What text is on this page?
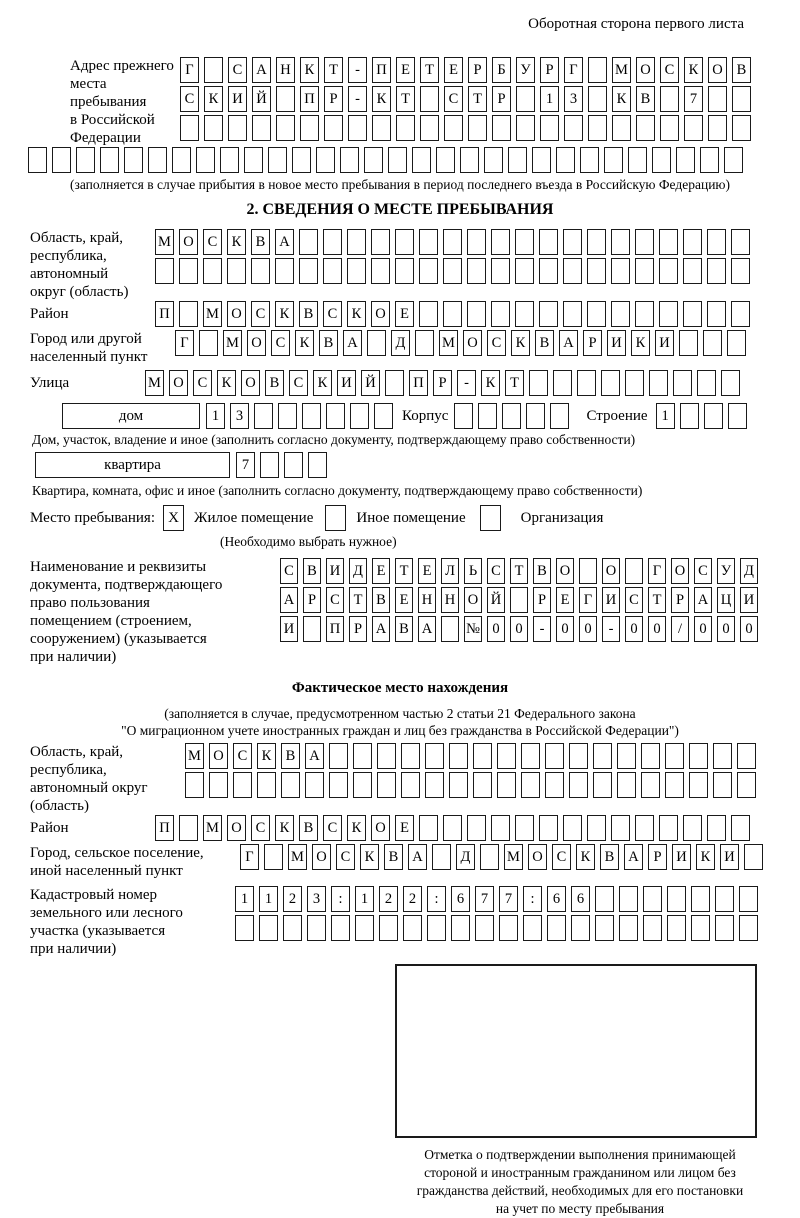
Оборотная сторона первого листа
Адрес прежнего
места пребывания
в Российской
Федерации
Г	С А Н К	Т	-	П Е	Т	Е	Р	Б	У	Р	Г	М О С К О В
С К И Й	П	Р	-	К	Т	С	Т	Р	1	3	К В	7
(заполняется в случае прибытия в новое место пребывания в период последнего въезда в Российскую Федерацию)
2. СВЕДЕНИЯ О МЕСТЕ ПРЕБЫВАНИЯ
Область, край,
республика,
автономный
округ (область)
М О С К В А
Район	П	М О С К В С К О Е
Город или другой
населенный пункт
Г	М О С К В А	Д	М О С К В А	Р	И К И
Улица	М О С К О В С К И Й	П	Р	-	К	Т
дом	1	3	Корпус	Строение 1
Дом, участок, владение и иное (заполнить согласно документу, подтверждающему право собственности)
квартира	7
Квартира, комната, офис и иное (заполнить согласно документу, подтверждающему право собственности)
Место пребывания: X	Жилое помещение	Иное помещение	Организация
(Необходимо выбрать нужное)
Наименование и реквизиты
документа, подтверждающего
право пользования
помещением (строением,
сооружением) (указывается
при наличии)
С В И Д Е Т Е Л Ь С Т В О О	Г О С У Д
А Р С Т В Е Н Н О Й	Р	Е Г И С Т	Р А Ц И
И П Р А В А № 0	0	-	0	0	-	0	0	/	0	0	0
Фактическое место нахождения
(заполняется в случае, предусмотренном частью 2 статьи 21 Федерального закона
"О миграционном учете иностранных граждан и лиц без гражданства в Российской Федерации")
Область, край,
республика,
автономный округ
(область)
М О С К В А
Район	П	М О С К В С К О Е
Город, сельское поселение,
иной населенный пункт
Г	М О С К В А	Д	М О С К В А	Р	И К И
Кадастровый номер
земельного или лесного
участка (указывается
при наличии)
1	1	2	3	:	1	2	2	:	6	7	7	:	6	6
Отметка о подтверждении выполнения принимающей
стороной и иностранным гражданином или лицом без
гражданства действий, необходимых для его постановки
на учет по месту пребывания
